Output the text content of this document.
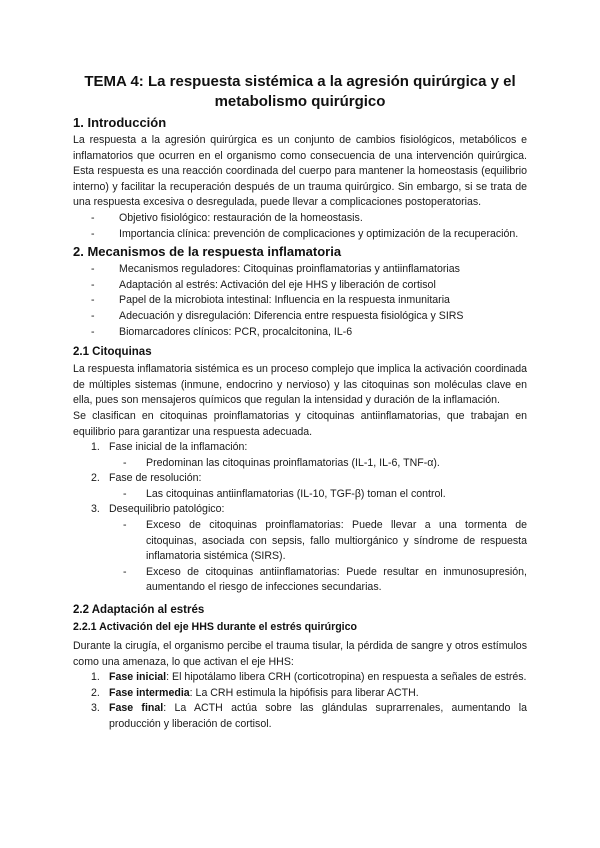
TEMA 4: La respuesta sistémica a la agresión quirúrgica y el metabolismo quirúrgico
1. Introducción

La respuesta a la agresión quirúrgica es un conjunto de cambios fisiológicos, metabólicos e inflamatorios que ocurren en el organismo como consecuencia de una intervención quirúrgica. Esta respuesta es una reacción coordinada del cuerpo para mantener la homeostasis (equilibrio interno) y facilitar la recuperación después de un trauma quirúrgico. Sin embargo, si se trata de una respuesta excesiva o desregulada, puede llevar a complicaciones postoperatorias.

- Objetivo fisiológico: restauración de la homeostasis.
- Importancia clínica: prevención de complicaciones y optimización de la recuperación.
2. Mecanismos de la respuesta inflamatoria
- Mecanismos reguladores: Citoquinas proinflamatorias y antiinflamatorias
- Adaptación al estrés: Activación del eje HHS y liberación de cortisol
- Papel de la microbiota intestinal: Influencia en la respuesta inmunitaria
- Adecuación y disregulación: Diferencia entre respuesta fisiológica y SIRS
- Biomarcadores clínicos: PCR, procalcitonina, IL-6
2.1 Citoquinas

La respuesta inflamatoria sistémica es un proceso complejo que implica la activación coordinada de múltiples sistemas (inmune, endocrino y nervioso) y las citoquinas son moléculas clave en ella, pues son mensajeros químicos que regulan la intensidad y duración de la inflamación.

Se clasifican en citoquinas proinflamatorias y citoquinas antiinflamatorias, que trabajan en equilibrio para garantizar una respuesta adecuada.

1. Fase inicial de la inflamación:
- Predominan las citoquinas proinflamatorias (IL-1, IL-6, TNF-α).
2. Fase de resolución:
- Las citoquinas antiinflamatorias (IL-10, TGF-β) toman el control.
3. Desequilibrio patológico:
- Exceso de citoquinas proinflamatorias: Puede llevar a una tormenta de citoquinas, asociada con sepsis, fallo multiorgánico y síndrome de respuesta inflamatoria sistémica (SIRS).
- Exceso de citoquinas antiinflamatorias: Puede resultar en inmunosupresión, aumentando el riesgo de infecciones secundarias.
2.2 Adaptación al estrés
2.2.1 Activación del eje HHS durante el estrés quirúrgico

Durante la cirugía, el organismo percibe el trauma tisular, la pérdida de sangre y otros estímulos como una amenaza, lo que activan el eje HHS:

1. Fase inicial: El hipotálamo libera CRH (corticotropina) en respuesta a señales de estrés.
2. Fase intermedia: La CRH estimula la hipófisis para liberar ACTH.
3. Fase final: La ACTH actúa sobre las glándulas suprarrenales, aumentando la producción y liberación de cortisol.
